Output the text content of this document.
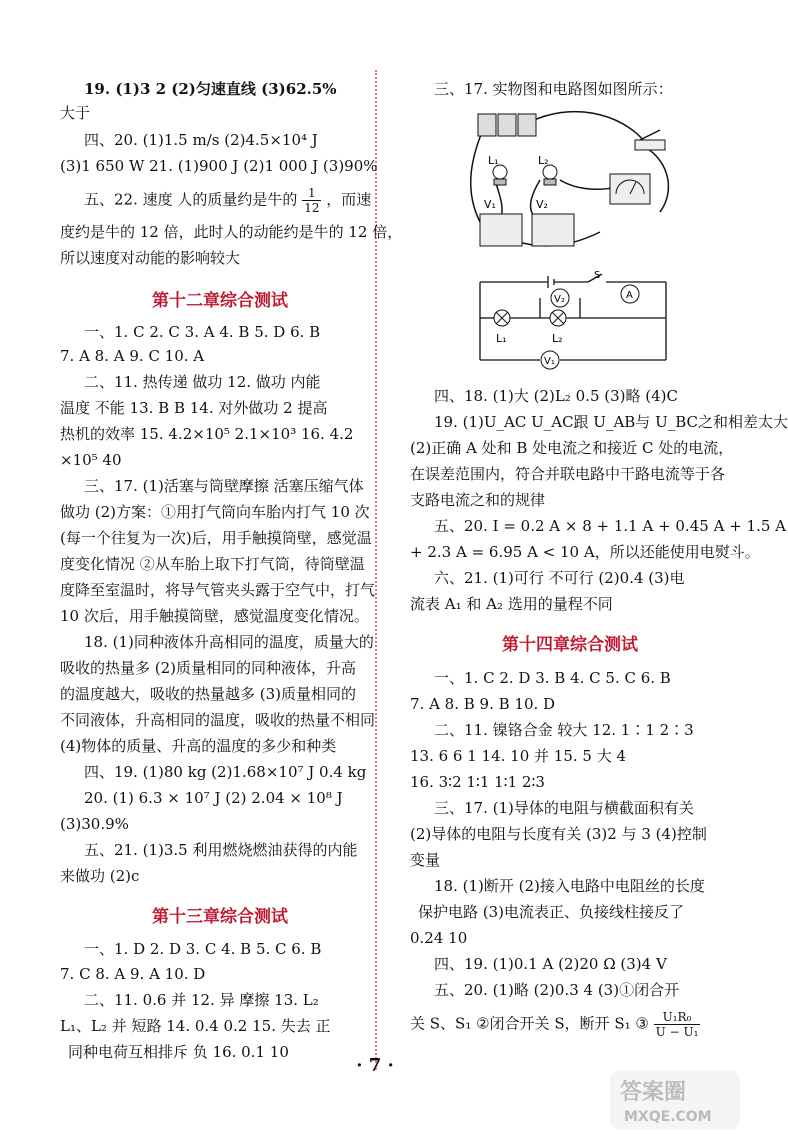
19. (1)3 2 (2)匀速直线 (3)62.5%
大于
四、20. (1)1.5 m/s (2)4.5×10⁴ J
(3)1 650 W 21. (1)900 J (2)1 000 J (3)90%
五、22. 速度 人的质量约是牛的 $\frac{1}{12}$ ，而速
度约是牛的 12 倍，此时人的动能约是牛的 12 倍，
所以速度对动能的影响较大
第十二章综合测试
一、1. C 2. C 3. A 4. B 5. D 6. B
7. A 8. A 9. C 10. A
二、11. 热传递 做功 12. 做功 内能
温度 不能 13. B B 14. 对外做功 2 提高
热机的效率 15. 4.2×10⁵ 2.1×10³ 16. 4.2
×10⁵ 40
三、17. (1)活塞与筒壁摩擦 活塞压缩气体
做功 (2)方案：①用打气筒向车胎内打气 10 次
(每一个往复为一次)后，用手触摸筒壁，感觉温
度变化情况 ②从车胎上取下打气筒，待筒壁温
度降至室温时，将导气管夹头露于空气中，打气
10 次后，用手触摸筒壁，感觉温度变化情况。
18. (1)同种液体升高相同的温度，质量大的
吸收的热量多 (2)质量相同的同种液体，升高
的温度越大，吸收的热量越多 (3)质量相同的
不同液体，升高相同的温度，吸收的热量不相同
(4)物体的质量、升高的温度的多少和种类
四、19. (1)80 kg (2)1.68×10⁷ J 0.4 kg
20. (1) 6.3 × 10⁷ J (2) 2.04 × 10⁸ J
(3)30.9%
五、21. (1)3.5 利用燃烧燃油获得的内能
来做功 (2)c
第十三章综合测试
一、1. D 2. D 3. C 4. B 5. C 6. B
7. C 8. A 9. A 10. D
二、11. 0.6 并 12. 异 摩擦 13. L₂
L₁、L₂ 并 短路 14. 0.4 0.2 15. 失去 正
同种电荷互相排斥 负 16. 0.1 10
三、17. 实物图和电路图如图所示：
L₁	L₂
V₁	V₂
L₁	L₂
V₂	A
V₁
S
四、18. (1)大 (2)L₂ 0.5 (3)略 (4)C
19. (1)U_AC U_AC跟 U_AB与 U_BC之和相差太大
(2)正确 A 处和 B 处电流之和接近 C 处的电流，
在误差范围内，符合并联电路中干路电流等于各
支路电流之和的规律
五、20. I = 0.2 A × 8 + 1.1 A + 0.45 A + 1.5 A
+ 2.3 A = 6.95 A < 10 A，所以还能使用电熨斗。
六、21. (1)可行 不可行 (2)0.4 (3)电
流表 A₁ 和 A₂ 选用的量程不同
第十四章综合测试
一、1. C 2. D 3. B 4. C 5. C 6. B
7. A 8. B 9. B 10. D
二、11. 镍铬合金 较大 12. 1∶1 2∶3
13. 6 6 1 14. 10 并 15. 5 大 4
16. 3∶2 1∶1 1∶1 2∶3
三、17. (1)导体的电阻与横截面积有关
(2)导体的电阻与长度有关 (3)2 与 3 (4)控制
变量
18. (1)断开 (2)接入电路中电阻丝的长度
保护电路 (3)电流表正、负接线柱接反了
0.24 10
四、19. (1)0.1 A (2)20 Ω (3)4 V
五、20. (1)略 (2)0.3 4 (3)①闭合开
关 S、S₁ ②闭合开关 S，断开 S₁ ③ $\frac{\text{U₁R₀}}{\text{U − U₁}}$
· 7 ·
答案圈
MXQE.COM
